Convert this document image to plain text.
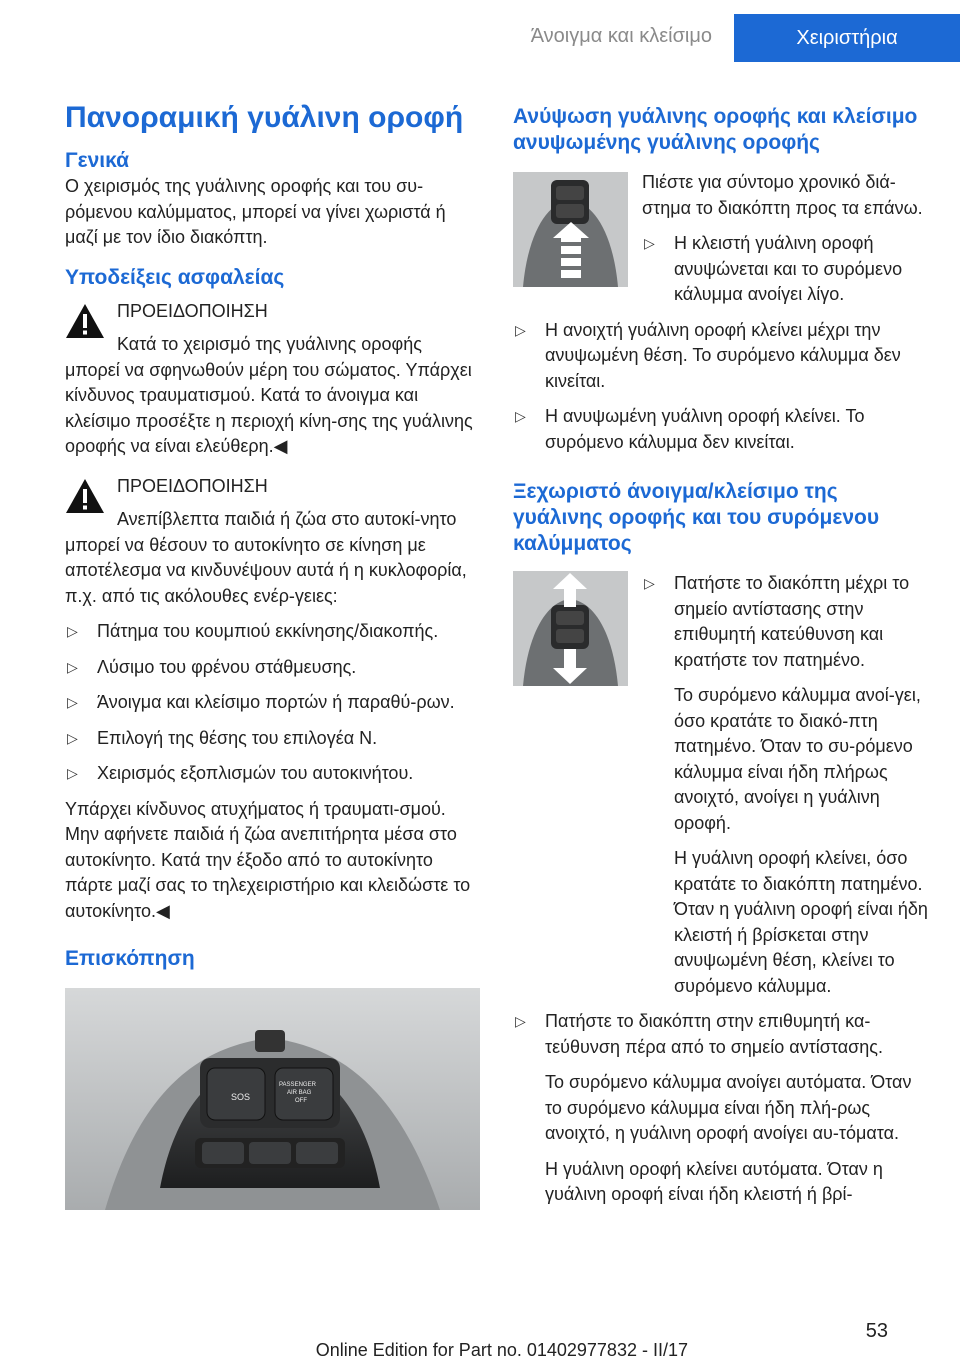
Άνοιγμα και κλείσιμο	Χειριστήρια
Πανοραμική γυάλινη οροφή
Γενικά

Ο χειρισμός της γυάλινης οροφής και του συ‐ρόμενου καλύμματος, μπορεί να γίνει χωριστά ή μαζί με τον ίδιο διακόπτη.

Υποδείξεις ασφαλείας

ΠΡΟΕΙΔΟΠΟΙΗΣΗ

Κατά το χειρισμό της γυάλινης οροφής μπορεί να σφηνωθούν μέρη του σώματος. Υπάρχει κίνδυνος τραυματισμού. Κατά το άνοιγμα και κλείσιμο προσέξτε η περιοχή κίνη‐σης της γυάλινης οροφής να είναι ελεύθερη.◀

ΠΡΟΕΙΔΟΠΟΙΗΣΗ

Ανεπίβλεπτα παιδιά ή ζώα στο αυτοκί‐νητο μπορεί να θέσουν το αυτοκίνητο σε κίνηση με αποτέλεσμα να κινδυνέψουν αυτά ή η κυκλοφορία, π.χ. από τις ακόλουθες ενέρ‐γειες:

▷ Πάτημα του κουμπιού εκκίνησης/διακοπής.
▷ Λύσιμο του φρένου στάθμευσης.
▷ Άνοιγμα και κλείσιμο πορτών ή παραθύ‐ρων.
▷ Επιλογή της θέσης του επιλογέα N.
▷ Χειρισμός εξοπλισμών του αυτοκινήτου.

Υπάρχει κίνδυνος ατυχήματος ή τραυματι‐σμού. Μην αφήνετε παιδιά ή ζώα ανεπιτήρητα μέσα στο αυτοκίνητο. Κατά την έξοδο από το αυτοκίνητο πάρτε μαζί σας το τηλεχειριστήριο και κλειδώστε το αυτοκίνητο.◀

Επισκόπηση
SOS
PASSENGER
AIR BAG
OFF
Ανύψωση γυάλινης οροφής και κλείσιμο ανυψωμένης γυάλινης οροφής

Πιέστε για σύντομο χρονικό διά‐στημα το διακόπτη προς τα επάνω.

▷ Η κλειστή γυάλινη οροφή ανυψώνεται και το συρόμενο κάλυμμα ανοίγει λίγο.
▷ Η ανοιχτή γυάλινη οροφή κλείνει μέχρι την ανυψωμένη θέση. Το συρόμενο κάλυμμα δεν κινείται.
▷ Η ανυψωμένη γυάλινη οροφή κλείνει. Το συρόμενο κάλυμμα δεν κινείται.
Ξεχωριστό άνοιγμα/κλείσιμο της γυάλινης οροφής και του συρόμενου καλύμματος
▷ Πατήστε το διακόπτη μέχρι το σημείο αντίστασης στην επιθυμητή κατεύθυνση και κρατήστε τον πατημένο.

Το συρόμενο κάλυμμα ανοί‐γει, όσο κρατάτε το διακό‐πτη πατημένο. Όταν το συ‐ρόμενο κάλυμμα είναι ήδη πλήρως ανοιχτό, ανοίγει η γυάλινη οροφή.

Η γυάλινη οροφή κλείνει, όσο κρατάτε το διακόπτη πατημένο. Όταν η γυάλινη οροφή είναι ήδη κλειστή ή βρίσκεται στην ανυψωμένη θέση, κλείνει το συρόμενο κάλυμμα.

▷ Πατήστε το διακόπτη στην επιθυμητή κα‐τεύθυνση πέρα από το σημείο αντίστασης.

Το συρόμενο κάλυμμα ανοίγει αυτόματα. Όταν το συρόμενο κάλυμμα είναι ήδη πλή‐ρως ανοιχτό, η γυάλινη οροφή ανοίγει αυ‐τόματα.

Η γυάλινη οροφή κλείνει αυτόματα. Όταν η γυάλινη οροφή είναι ήδη κλειστή ή βρί‐

53
Online Edition for Part no. 01402977832 - II/17
